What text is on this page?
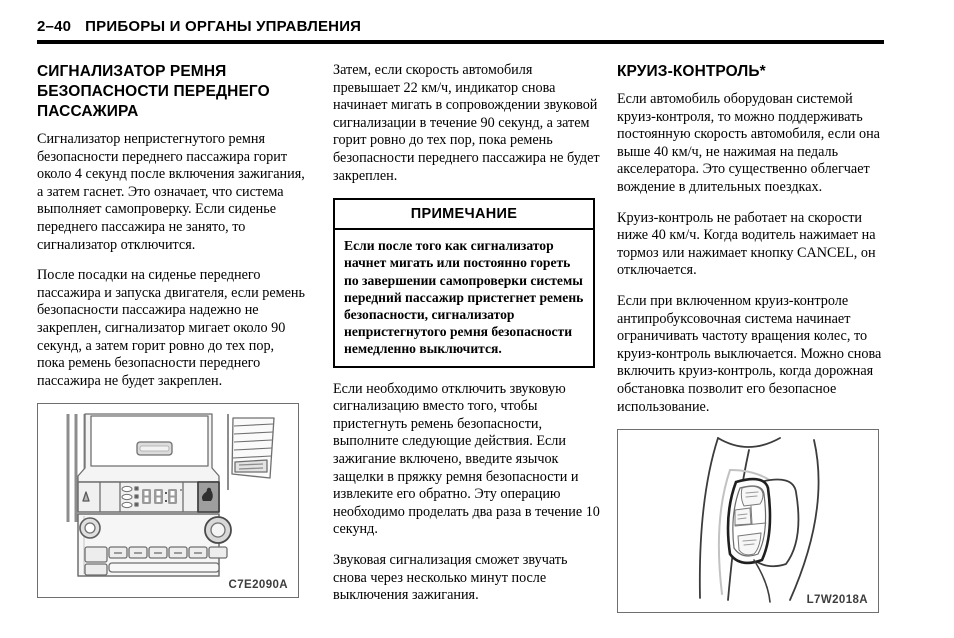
2–40 ПРИБОРЫ И ОРГАНЫ УПРАВЛЕНИЯ
СИГНАЛИЗАТОР РЕМНЯ БЕЗОПАСНОСТИ ПЕРЕДНЕГО ПАССАЖИРА

Сигнализатор непристегнутого ремня безопасности переднего пассажира горит около 4 секунд после включения зажигания, а затем гаснет. Это означает, что система выполняет самопроверку. Если сиденье переднего пассажира не занято, то сигнализатор отключится.

После посадки на сиденье переднего пассажира и запуска двигателя, если ремень безопасности пассажира надежно не закреплен, сигнализатор мигает около 90 секунд, а затем горит ровно до тех пор, пока ремень безопасности переднего пассажира не будет закреплен.

C7E2090A

Затем, если скорость автомобиля превышает 22 км/ч, индикатор снова начинает мигать в сопровождении звуковой сигнализации в течение 90 секунд, а затем горит ровно до тех пор, пока ремень безопасности переднего пассажира не будет закреплен.

ПРИМЕЧАНИЕ
Если после того как сигнализатор начнет мигать или постоянно гореть по завершении самопроверки системы передний пассажир пристегнет ремень безопасности, сигнализатор непристегнутого ремня безопасности немедленно выключится.

Если необходимо отключить звуковую сигнализацию вместо того, чтобы пристегнуть ремень безопасности, выполните следующие действия. Если зажигание включено, введите язычок защелки в пряжку ремня безопасности и извлеките его обратно. Эту операцию необходимо проделать два раза в течение 10 секунд.

Звуковая сигнализация сможет звучать снова через несколько минут после выключения зажигания.

КРУИЗ-КОНТРОЛЬ*

Если автомобиль оборудован системой круиз-контроля, то можно поддерживать постоянную скорость автомобиля, если она выше 40 км/ч, не нажимая на педаль акселератора. Это существенно облегчает вождение в длительных поездках.

Круиз-контроль не работает на скорости ниже 40 км/ч. Когда водитель нажимает на тормоз или нажимает кнопку CANCEL, он отключается.

Если при включенном круиз-контроле антипробуксовочная система начинает ограничивать частоту вращения колес, то круиз-контроль выключается. Можно снова включить круиз-контроль, когда дорожная обстановка позволит его безопасное использование.

L7W2018A
